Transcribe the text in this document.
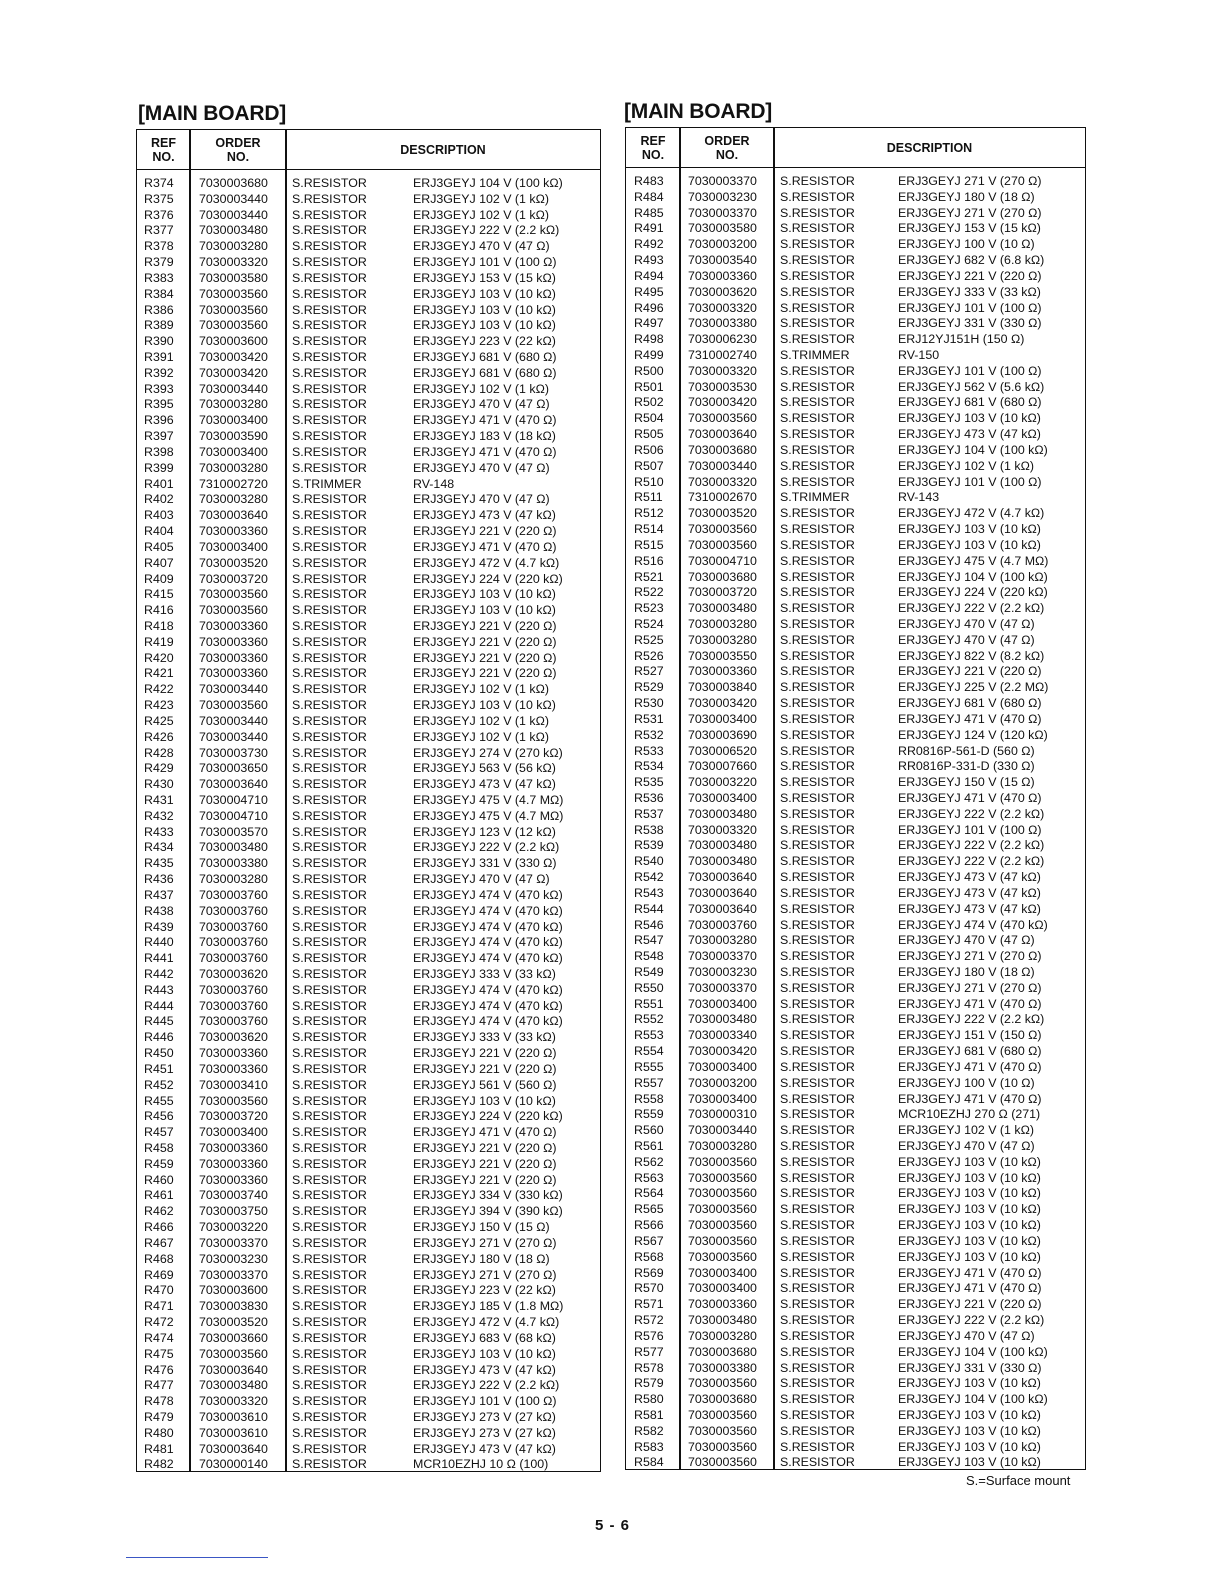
[MAIN BOARD]
REF
NO.
ORDER
NO.	DESCRIPTION
R374 7030003680 S.RESISTOR	ERJ3GEYJ 104 V (100 kΩ)
R375 7030003440 S.RESISTOR	ERJ3GEYJ 102 V (1 kΩ)
R376 7030003440 S.RESISTOR	ERJ3GEYJ 102 V (1 kΩ)
R377 7030003480 S.RESISTOR	ERJ3GEYJ 222 V (2.2 kΩ)
R378 7030003280 S.RESISTOR	ERJ3GEYJ 470 V (47 Ω)
R379 7030003320 S.RESISTOR	ERJ3GEYJ 101 V (100 Ω)
R383 7030003580 S.RESISTOR	ERJ3GEYJ 153 V (15 kΩ)
R384 7030003560 S.RESISTOR	ERJ3GEYJ 103 V (10 kΩ)
R386 7030003560 S.RESISTOR	ERJ3GEYJ 103 V (10 kΩ)
R389 7030003560 S.RESISTOR	ERJ3GEYJ 103 V (10 kΩ)
R390 7030003600 S.RESISTOR	ERJ3GEYJ 223 V (22 kΩ)
R391 7030003420 S.RESISTOR	ERJ3GEYJ 681 V (680 Ω)
R392 7030003420 S.RESISTOR	ERJ3GEYJ 681 V (680 Ω)
R393 7030003440 S.RESISTOR	ERJ3GEYJ 102 V (1 kΩ)
R395 7030003280 S.RESISTOR	ERJ3GEYJ 470 V (47 Ω)
R396 7030003400 S.RESISTOR	ERJ3GEYJ 471 V (470 Ω)
R397 7030003590 S.RESISTOR	ERJ3GEYJ 183 V (18 kΩ)
R398 7030003400 S.RESISTOR	ERJ3GEYJ 471 V (470 Ω)
R399 7030003280 S.RESISTOR	ERJ3GEYJ 470 V (47 Ω)
R401 7310002720 S.TRIMMER	RV-148
R402 7030003280 S.RESISTOR	ERJ3GEYJ 470 V (47 Ω)
R403 7030003640 S.RESISTOR	ERJ3GEYJ 473 V (47 kΩ)
R404 7030003360 S.RESISTOR	ERJ3GEYJ 221 V (220 Ω)
R405 7030003400 S.RESISTOR	ERJ3GEYJ 471 V (470 Ω)
R407 7030003520 S.RESISTOR	ERJ3GEYJ 472 V (4.7 kΩ)
R409 7030003720 S.RESISTOR	ERJ3GEYJ 224 V (220 kΩ)
R415 7030003560 S.RESISTOR	ERJ3GEYJ 103 V (10 kΩ)
R416 7030003560 S.RESISTOR	ERJ3GEYJ 103 V (10 kΩ)
R418 7030003360 S.RESISTOR	ERJ3GEYJ 221 V (220 Ω)
R419 7030003360 S.RESISTOR	ERJ3GEYJ 221 V (220 Ω)
R420 7030003360 S.RESISTOR	ERJ3GEYJ 221 V (220 Ω)
R421 7030003360 S.RESISTOR	ERJ3GEYJ 221 V (220 Ω)
R422 7030003440 S.RESISTOR	ERJ3GEYJ 102 V (1 kΩ)
R423 7030003560 S.RESISTOR	ERJ3GEYJ 103 V (10 kΩ)
R425 7030003440 S.RESISTOR	ERJ3GEYJ 102 V (1 kΩ)
R426 7030003440 S.RESISTOR	ERJ3GEYJ 102 V (1 kΩ)
R428 7030003730 S.RESISTOR	ERJ3GEYJ 274 V (270 kΩ)
R429 7030003650 S.RESISTOR	ERJ3GEYJ 563 V (56 kΩ)
R430 7030003640 S.RESISTOR	ERJ3GEYJ 473 V (47 kΩ)
R431 7030004710 S.RESISTOR	ERJ3GEYJ 475 V (4.7 MΩ)
R432 7030004710 S.RESISTOR	ERJ3GEYJ 475 V (4.7 MΩ)
R433 7030003570 S.RESISTOR	ERJ3GEYJ 123 V (12 kΩ)
R434 7030003480 S.RESISTOR	ERJ3GEYJ 222 V (2.2 kΩ)
R435 7030003380 S.RESISTOR	ERJ3GEYJ 331 V (330 Ω)
R436 7030003280 S.RESISTOR	ERJ3GEYJ 470 V (47 Ω)
R437 7030003760 S.RESISTOR	ERJ3GEYJ 474 V (470 kΩ)
R438 7030003760 S.RESISTOR	ERJ3GEYJ 474 V (470 kΩ)
R439 7030003760 S.RESISTOR	ERJ3GEYJ 474 V (470 kΩ)
R440 7030003760 S.RESISTOR	ERJ3GEYJ 474 V (470 kΩ)
R441 7030003760 S.RESISTOR	ERJ3GEYJ 474 V (470 kΩ)
R442 7030003620 S.RESISTOR	ERJ3GEYJ 333 V (33 kΩ)
R443 7030003760 S.RESISTOR	ERJ3GEYJ 474 V (470 kΩ)
R444 7030003760 S.RESISTOR	ERJ3GEYJ 474 V (470 kΩ)
R445 7030003760 S.RESISTOR	ERJ3GEYJ 474 V (470 kΩ)
R446 7030003620 S.RESISTOR	ERJ3GEYJ 333 V (33 kΩ)
R450 7030003360 S.RESISTOR	ERJ3GEYJ 221 V (220 Ω)
R451 7030003360 S.RESISTOR	ERJ3GEYJ 221 V (220 Ω)
R452 7030003410 S.RESISTOR	ERJ3GEYJ 561 V (560 Ω)
R455 7030003560 S.RESISTOR	ERJ3GEYJ 103 V (10 kΩ)
R456 7030003720 S.RESISTOR	ERJ3GEYJ 224 V (220 kΩ)
R457 7030003400 S.RESISTOR	ERJ3GEYJ 471 V (470 Ω)
R458 7030003360 S.RESISTOR	ERJ3GEYJ 221 V (220 Ω)
R459 7030003360 S.RESISTOR	ERJ3GEYJ 221 V (220 Ω)
R460 7030003360 S.RESISTOR	ERJ3GEYJ 221 V (220 Ω)
R461 7030003740 S.RESISTOR	ERJ3GEYJ 334 V (330 kΩ)
R462 7030003750 S.RESISTOR	ERJ3GEYJ 394 V (390 kΩ)
R466 7030003220 S.RESISTOR	ERJ3GEYJ 150 V (15 Ω)
R467 7030003370 S.RESISTOR	ERJ3GEYJ 271 V (270 Ω)
R468 7030003230 S.RESISTOR	ERJ3GEYJ 180 V (18 Ω)
R469 7030003370 S.RESISTOR	ERJ3GEYJ 271 V (270 Ω)
R470 7030003600 S.RESISTOR	ERJ3GEYJ 223 V (22 kΩ)
R471 7030003830 S.RESISTOR	ERJ3GEYJ 185 V (1.8 MΩ)
R472 7030003520 S.RESISTOR	ERJ3GEYJ 472 V (4.7 kΩ)
R474 7030003660 S.RESISTOR	ERJ3GEYJ 683 V (68 kΩ)
R475 7030003560 S.RESISTOR	ERJ3GEYJ 103 V (10 kΩ)
R476 7030003640 S.RESISTOR	ERJ3GEYJ 473 V (47 kΩ)
R477 7030003480 S.RESISTOR	ERJ3GEYJ 222 V (2.2 kΩ)
R478 7030003320 S.RESISTOR	ERJ3GEYJ 101 V (100 Ω)
R479 7030003610 S.RESISTOR	ERJ3GEYJ 273 V (27 kΩ)
R480 7030003610 S.RESISTOR	ERJ3GEYJ 273 V (27 kΩ)
R481 7030003640 S.RESISTOR	ERJ3GEYJ 473 V (47 kΩ)
R482 7030000140 S.RESISTOR	MCR10EZHJ 10 Ω (100)
[MAIN BOARD]
REF
NO.
ORDER
NO.	DESCRIPTION
R483 7030003370 S.RESISTOR	ERJ3GEYJ 271 V (270 Ω)
R484 7030003230 S.RESISTOR	ERJ3GEYJ 180 V (18 Ω)
R485 7030003370 S.RESISTOR	ERJ3GEYJ 271 V (270 Ω)
R491 7030003580 S.RESISTOR	ERJ3GEYJ 153 V (15 kΩ)
R492 7030003200 S.RESISTOR	ERJ3GEYJ 100 V (10 Ω)
R493 7030003540 S.RESISTOR	ERJ3GEYJ 682 V (6.8 kΩ)
R494 7030003360 S.RESISTOR	ERJ3GEYJ 221 V (220 Ω)
R495 7030003620 S.RESISTOR	ERJ3GEYJ 333 V (33 kΩ)
R496 7030003320 S.RESISTOR	ERJ3GEYJ 101 V (100 Ω)
R497 7030003380 S.RESISTOR	ERJ3GEYJ 331 V (330 Ω)
R498 7030006230 S.RESISTOR	ERJ12YJ151H (150 Ω)
R499 7310002740 S.TRIMMER	RV-150
R500 7030003320 S.RESISTOR	ERJ3GEYJ 101 V (100 Ω)
R501 7030003530 S.RESISTOR	ERJ3GEYJ 562 V (5.6 kΩ)
R502 7030003420 S.RESISTOR	ERJ3GEYJ 681 V (680 Ω)
R504 7030003560 S.RESISTOR	ERJ3GEYJ 103 V (10 kΩ)
R505 7030003640 S.RESISTOR	ERJ3GEYJ 473 V (47 kΩ)
R506 7030003680 S.RESISTOR	ERJ3GEYJ 104 V (100 kΩ)
R507 7030003440 S.RESISTOR	ERJ3GEYJ 102 V (1 kΩ)
R510 7030003320 S.RESISTOR	ERJ3GEYJ 101 V (100 Ω)
R511 7310002670 S.TRIMMER	RV-143
R512 7030003520 S.RESISTOR	ERJ3GEYJ 472 V (4.7 kΩ)
R514 7030003560 S.RESISTOR	ERJ3GEYJ 103 V (10 kΩ)
R515 7030003560 S.RESISTOR	ERJ3GEYJ 103 V (10 kΩ)
R516 7030004710 S.RESISTOR	ERJ3GEYJ 475 V (4.7 MΩ)
R521 7030003680 S.RESISTOR	ERJ3GEYJ 104 V (100 kΩ)
R522 7030003720 S.RESISTOR	ERJ3GEYJ 224 V (220 kΩ)
R523 7030003480 S.RESISTOR	ERJ3GEYJ 222 V (2.2 kΩ)
R524 7030003280 S.RESISTOR	ERJ3GEYJ 470 V (47 Ω)
R525 7030003280 S.RESISTOR	ERJ3GEYJ 470 V (47 Ω)
R526 7030003550 S.RESISTOR	ERJ3GEYJ 822 V (8.2 kΩ)
R527 7030003360 S.RESISTOR	ERJ3GEYJ 221 V (220 Ω)
R529 7030003840 S.RESISTOR	ERJ3GEYJ 225 V (2.2 MΩ)
R530 7030003420 S.RESISTOR	ERJ3GEYJ 681 V (680 Ω)
R531 7030003400 S.RESISTOR	ERJ3GEYJ 471 V (470 Ω)
R532 7030003690 S.RESISTOR	ERJ3GEYJ 124 V (120 kΩ)
R533 7030006520 S.RESISTOR	RR0816P-561-D (560 Ω)
R534 7030007660 S.RESISTOR	RR0816P-331-D (330 Ω)
R535 7030003220 S.RESISTOR	ERJ3GEYJ 150 V (15 Ω)
R536 7030003400 S.RESISTOR	ERJ3GEYJ 471 V (470 Ω)
R537 7030003480 S.RESISTOR	ERJ3GEYJ 222 V (2.2 kΩ)
R538 7030003320 S.RESISTOR	ERJ3GEYJ 101 V (100 Ω)
R539 7030003480 S.RESISTOR	ERJ3GEYJ 222 V (2.2 kΩ)
R540 7030003480 S.RESISTOR	ERJ3GEYJ 222 V (2.2 kΩ)
R542 7030003640 S.RESISTOR	ERJ3GEYJ 473 V (47 kΩ)
R543 7030003640 S.RESISTOR	ERJ3GEYJ 473 V (47 kΩ)
R544 7030003640 S.RESISTOR	ERJ3GEYJ 473 V (47 kΩ)
R546 7030003760 S.RESISTOR	ERJ3GEYJ 474 V (470 kΩ)
R547 7030003280 S.RESISTOR	ERJ3GEYJ 470 V (47 Ω)
R548 7030003370 S.RESISTOR	ERJ3GEYJ 271 V (270 Ω)
R549 7030003230 S.RESISTOR	ERJ3GEYJ 180 V (18 Ω)
R550 7030003370 S.RESISTOR	ERJ3GEYJ 271 V (270 Ω)
R551 7030003400 S.RESISTOR	ERJ3GEYJ 471 V (470 Ω)
R552 7030003480 S.RESISTOR	ERJ3GEYJ 222 V (2.2 kΩ)
R553 7030003340 S.RESISTOR	ERJ3GEYJ 151 V (150 Ω)
R554 7030003420 S.RESISTOR	ERJ3GEYJ 681 V (680 Ω)
R555 7030003400 S.RESISTOR	ERJ3GEYJ 471 V (470 Ω)
R557 7030003200 S.RESISTOR	ERJ3GEYJ 100 V (10 Ω)
R558 7030003400 S.RESISTOR	ERJ3GEYJ 471 V (470 Ω)
R559 7030000310 S.RESISTOR	MCR10EZHJ 270 Ω (271)
R560 7030003440 S.RESISTOR	ERJ3GEYJ 102 V (1 kΩ)
R561 7030003280 S.RESISTOR	ERJ3GEYJ 470 V (47 Ω)
R562 7030003560 S.RESISTOR	ERJ3GEYJ 103 V (10 kΩ)
R563 7030003560 S.RESISTOR	ERJ3GEYJ 103 V (10 kΩ)
R564 7030003560 S.RESISTOR	ERJ3GEYJ 103 V (10 kΩ)
R565 7030003560 S.RESISTOR	ERJ3GEYJ 103 V (10 kΩ)
R566 7030003560 S.RESISTOR	ERJ3GEYJ 103 V (10 kΩ)
R567 7030003560 S.RESISTOR	ERJ3GEYJ 103 V (10 kΩ)
R568 7030003560 S.RESISTOR	ERJ3GEYJ 103 V (10 kΩ)
R569 7030003400 S.RESISTOR	ERJ3GEYJ 471 V (470 Ω)
R570 7030003400 S.RESISTOR	ERJ3GEYJ 471 V (470 Ω)
R571 7030003360 S.RESISTOR	ERJ3GEYJ 221 V (220 Ω)
R572 7030003480 S.RESISTOR	ERJ3GEYJ 222 V (2.2 kΩ)
R576 7030003280 S.RESISTOR	ERJ3GEYJ 470 V (47 Ω)
R577 7030003680 S.RESISTOR	ERJ3GEYJ 104 V (100 kΩ)
R578 7030003380 S.RESISTOR	ERJ3GEYJ 331 V (330 Ω)
R579 7030003560 S.RESISTOR	ERJ3GEYJ 103 V (10 kΩ)
R580 7030003680 S.RESISTOR	ERJ3GEYJ 104 V (100 kΩ)
R581 7030003560 S.RESISTOR	ERJ3GEYJ 103 V (10 kΩ)
R582 7030003560 S.RESISTOR	ERJ3GEYJ 103 V (10 kΩ)
R583 7030003560 S.RESISTOR	ERJ3GEYJ 103 V (10 kΩ)
R584 7030003560 S.RESISTOR	ERJ3GEYJ 103 V (10 kΩ)
S.=Surface mount
5 - 6
